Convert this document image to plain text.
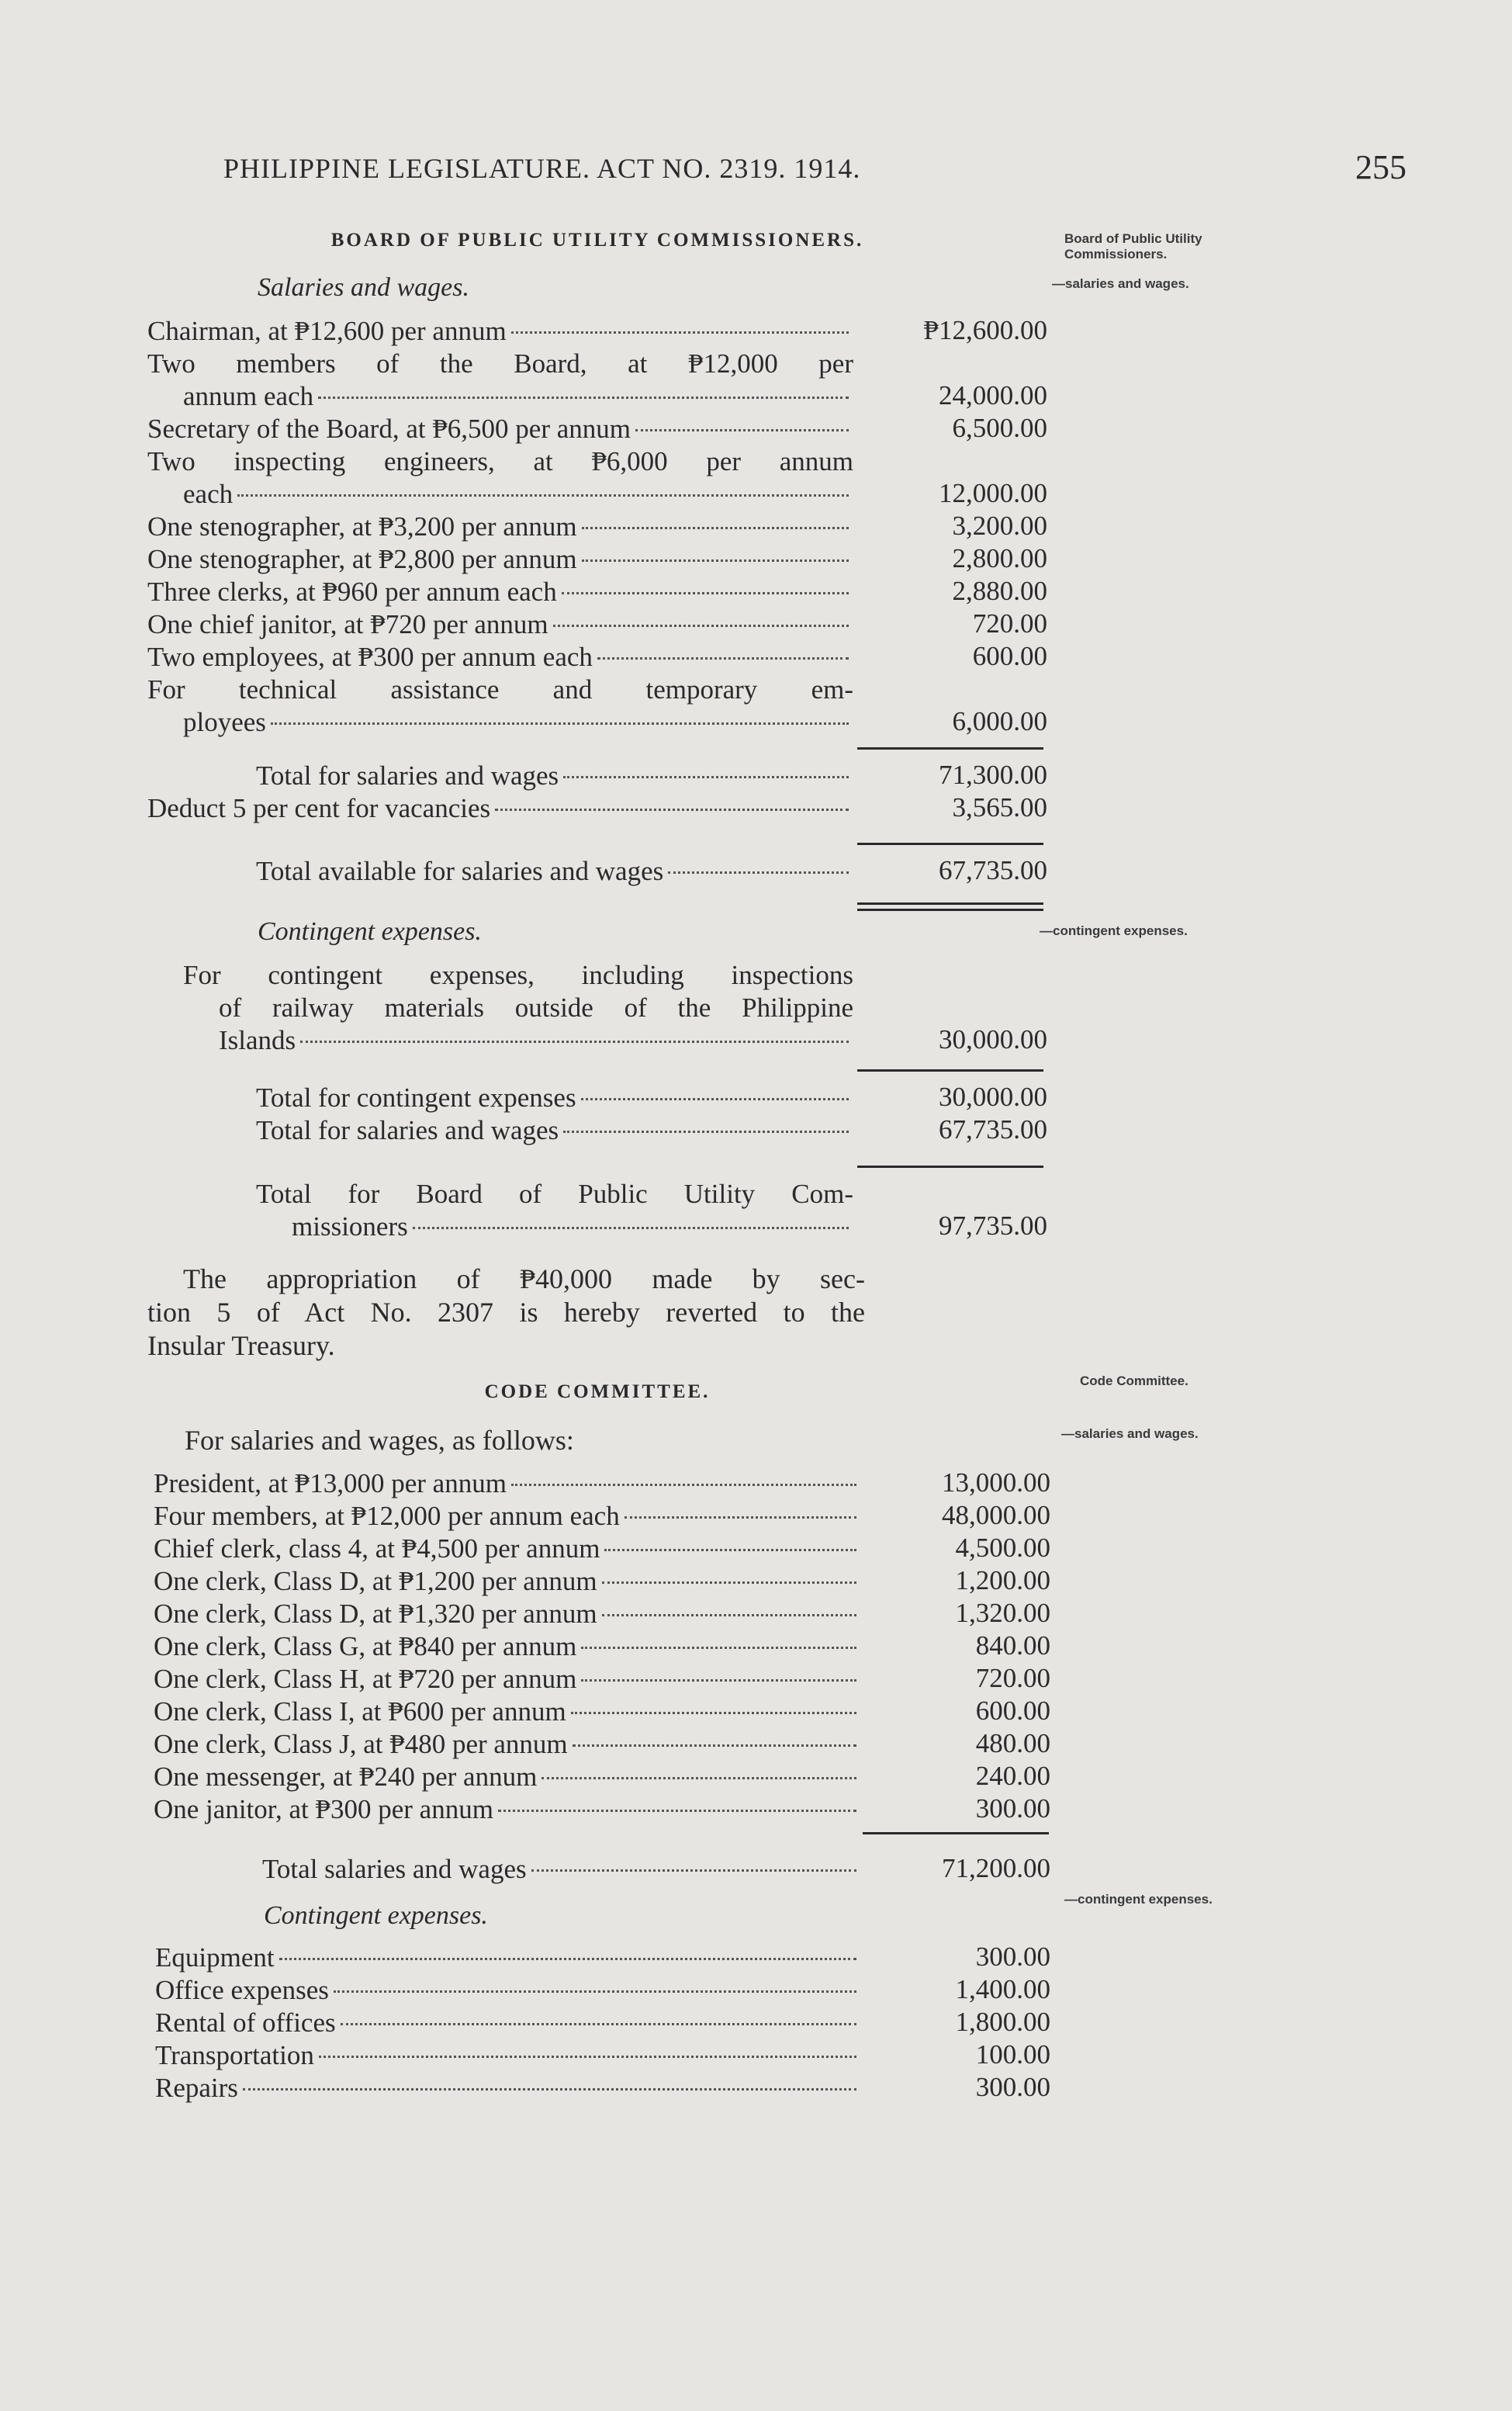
PHILIPPINE LEGISLATURE. ACT NO. 2319. 1914.	255
BOARD OF PUBLIC UTILITY COMMISSIONERS.
Salaries and wages.
Chairman, at ₱12,600 per annum	₱12,600.00
Two members of the Board, at ₱12,000 per
annum each	24,000.00
Secretary of the Board, at ₱6,500 per annum	6,500.00
Two inspecting engineers, at ₱6,000 per annum
each	12,000.00
One stenographer, at ₱3,200 per annum	3,200.00
One stenographer, at ₱2,800 per annum	2,800.00
Three clerks, at ₱960 per annum each	2,880.00
One chief janitor, at ₱720 per annum	720.00
Two employees, at ₱300 per annum each	600.00
For technical assistance and temporary em-
ployees	6,000.00
Total for salaries and wages	71,300.00
Deduct 5 per cent for vacancies	3,565.00
Total available for salaries and wages	67,735.00
Contingent expenses.
For contingent expenses, including inspections
of railway materials outside of the Philippine
Islands	30,000.00
Total for contingent expenses	30,000.00
Total for salaries and wages	67,735.00
Total for Board of Public Utility Com-
missioners	97,735.00
The appropriation of ₱40,000 made by sec-
tion 5 of Act No. 2307 is hereby reverted to the
Insular Treasury.
CODE COMMITTEE.
For salaries and wages, as follows:
President, at ₱13,000 per annum	13,000.00
Four members, at ₱12,000 per annum each	48,000.00
Chief clerk, class 4, at ₱4,500 per annum	4,500.00
One clerk, Class D, at ₱1,200 per annum	1,200.00
One clerk, Class D, at ₱1,320 per annum	1,320.00
One clerk, Class G, at ₱840 per annum	840.00
One clerk, Class H, at ₱720 per annum	720.00
One clerk, Class I, at ₱600 per annum	600.00
One clerk, Class J, at ₱480 per annum	480.00
One messenger, at ₱240 per annum	240.00
One janitor, at ₱300 per annum	300.00
Total salaries and wages	71,200.00
Contingent expenses.
Equipment	300.00
Office expenses	1,400.00
Rental of offices	1,800.00
Transportation	100.00
Repairs	300.00
Board of Public Utility Commissioners.
—salaries and wages.
—contingent expenses.
Code Committee.
—salaries and wages.
—contingent expenses.
